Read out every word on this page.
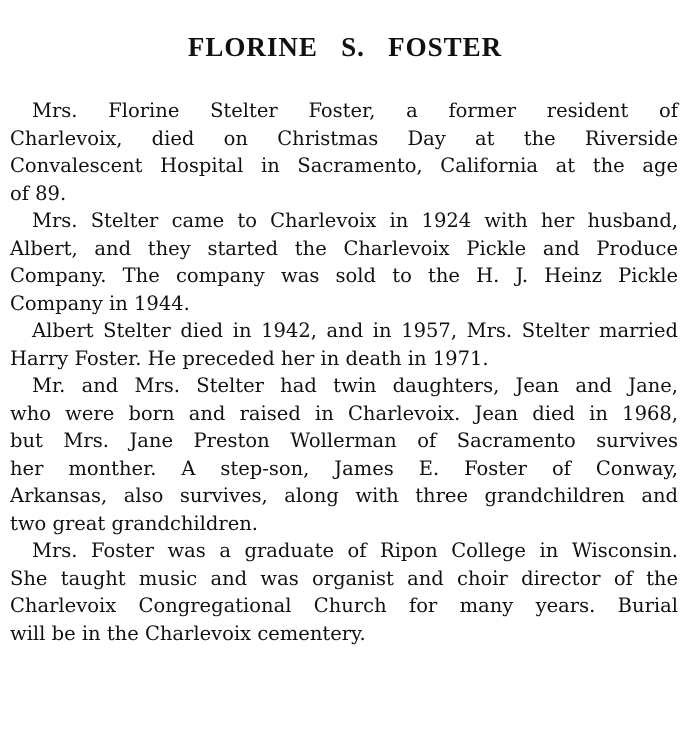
FLORINE   S.   FOSTER
Mrs. Florine Stelter Foster, a former resident of
Charlevoix, died on Christmas Day at the Riverside
Convalescent Hospital in Sacramento, California at the age
of 89.
Mrs. Stelter came to Charlevoix in 1924 with her husband,
Albert, and they started the Charlevoix Pickle and Produce
Company. The company was sold to the H. J. Heinz Pickle
Company in 1944.
Albert Stelter died in 1942, and in 1957, Mrs. Stelter married
Harry Foster. He preceded her in death in 1971.
Mr. and Mrs. Stelter had twin daughters, Jean and Jane,
who were born and raised in Charlevoix. Jean died in 1968,
but Mrs. Jane Preston Wollerman of Sacramento survives
her monther. A step-son, James E. Foster of Conway,
Arkansas, also survives, along with three grandchildren and
two great grandchildren.
Mrs. Foster was a graduate of Ripon College in Wisconsin.
She taught music and was organist and choir director of the
Charlevoix Congregational Church for many years. Burial
will be in the Charlevoix cementery.
